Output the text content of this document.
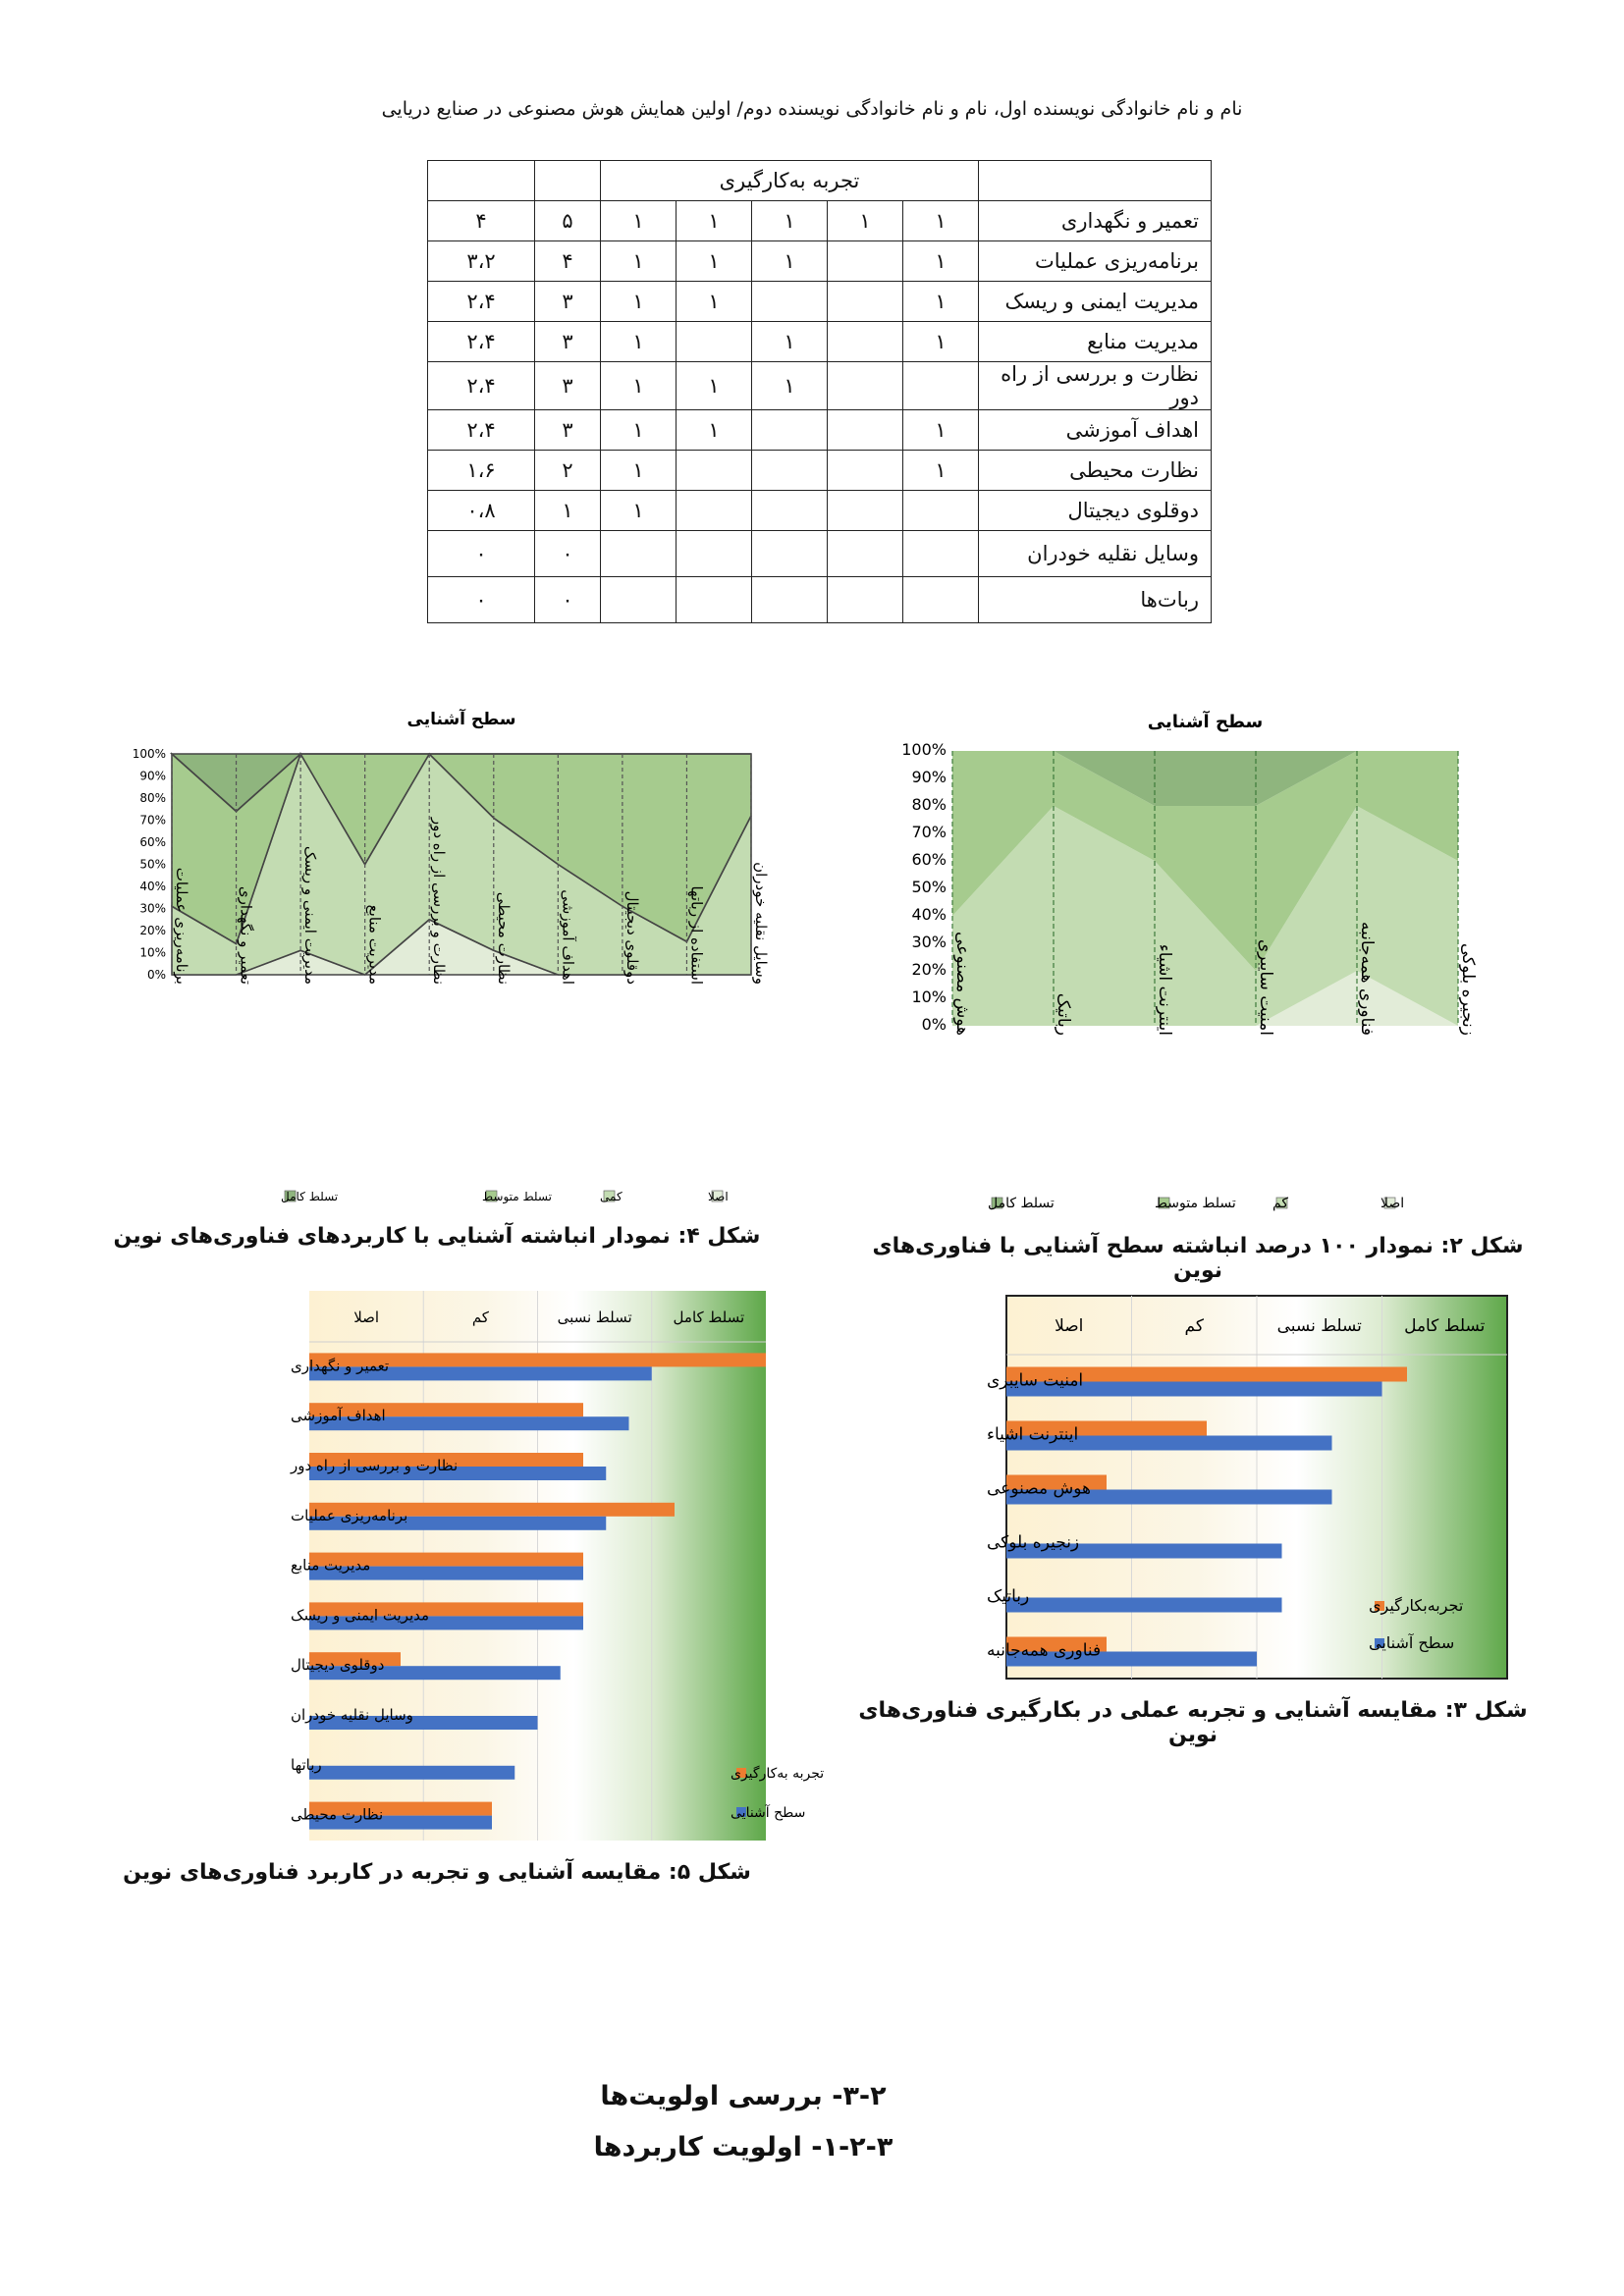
نام و نام خانوادگی نویسنده اول، نام و نام خانوادگی نویسنده دوم/ اولین همایش هوش مصنوعی در صنایع دریایی
	تجربه به‌کارگیری						
تعمیر و نگهداری	۱	۱	۱	۱	۱	۵	۴
برنامه‌ریزی عملیات	۱		۱	۱	۱	۴	۳،۲
مدیریت ایمنی و ریسک	۱			۱	۱	۳	۲،۴
مدیریت منابع	۱		۱		۱	۳	۲،۴
نظارت و بررسی از راه دور			۱	۱	۱	۳	۲،۴
اهداف آموزشی	۱			۱	۱	۳	۲،۴
نظارت محیطی	۱				۱	۲	۱،۶
دوقلوی دیجیتال					۱	۱	۰،۸
وسایل نقلیه خودران						۰	۰
ربات‌ها						۰	۰
سطح آشنایی
0%
10%
20%
30%
40%
50%
60%
70%
80%
90%
100%
برنامه‌ریزی عملیات	تعمیر و نگهداری	مدیریت ایمنی و ریسک	مدیریت منابع	نظارت و بررسی از راه دور	نظارت محیطی	اهداف آموزشی	دوقلوی دیجیتال	استفاده از رباتها	وسایل نقلیه خودران
تسلط کامل	تسلط متوسط	کمی	اصلا
شکل ۴: نمودار انباشته آشنایی با کاربردهای فناوری‌های نوین
سطح آشنایی
0%
10%
20%
30%
40%
50%
60%
70%
80%
90%
100%
هوش مصنوعی	رباتیک	اینترنت اشیاء	امنیت سایبری	فناوری همه‌جانبه	زنجیره بلوکی
تسلط کامل	تسلط متوسط	کم	اصلا
شکل ۲: نمودار ۱۰۰ درصد انباشته سطح آشنایی با فناوری‌های نوین
اصلا	کم	تسلط نسبی	تسلط کامل
تعمیر و نگهداری
اهداف آموزشی
نظارت و بررسی از راه دور
برنامه‌ریزی عملیات
مدیریت منابع
مدیریت ایمنی و ریسک
دوقلوی دیجیتال
وسایل نقلیه خودران
رباتها
نظارت محیطی
تجربه به‌کارگیری
سطح آشنایی
شکل ۵: مقایسه آشنایی و تجربه در کاربرد فناوری‌های نوین
اصلا	کم	تسلط نسبی	تسلط کامل
امنیت سایبری
اینترنت اشیاء
هوش مصنوعی
زنجیره بلوکی
رباتیک
فناوری همه‌جانبه
تجربه‌بکارگیری
سطح آشنایی
شکل ۳: مقایسه آشنایی و تجربه عملی در بکارگیری فناوری‌های نوین
۳-۲- بررسی اولویت‌ها
۱-۲-۳- اولویت کاربردها
